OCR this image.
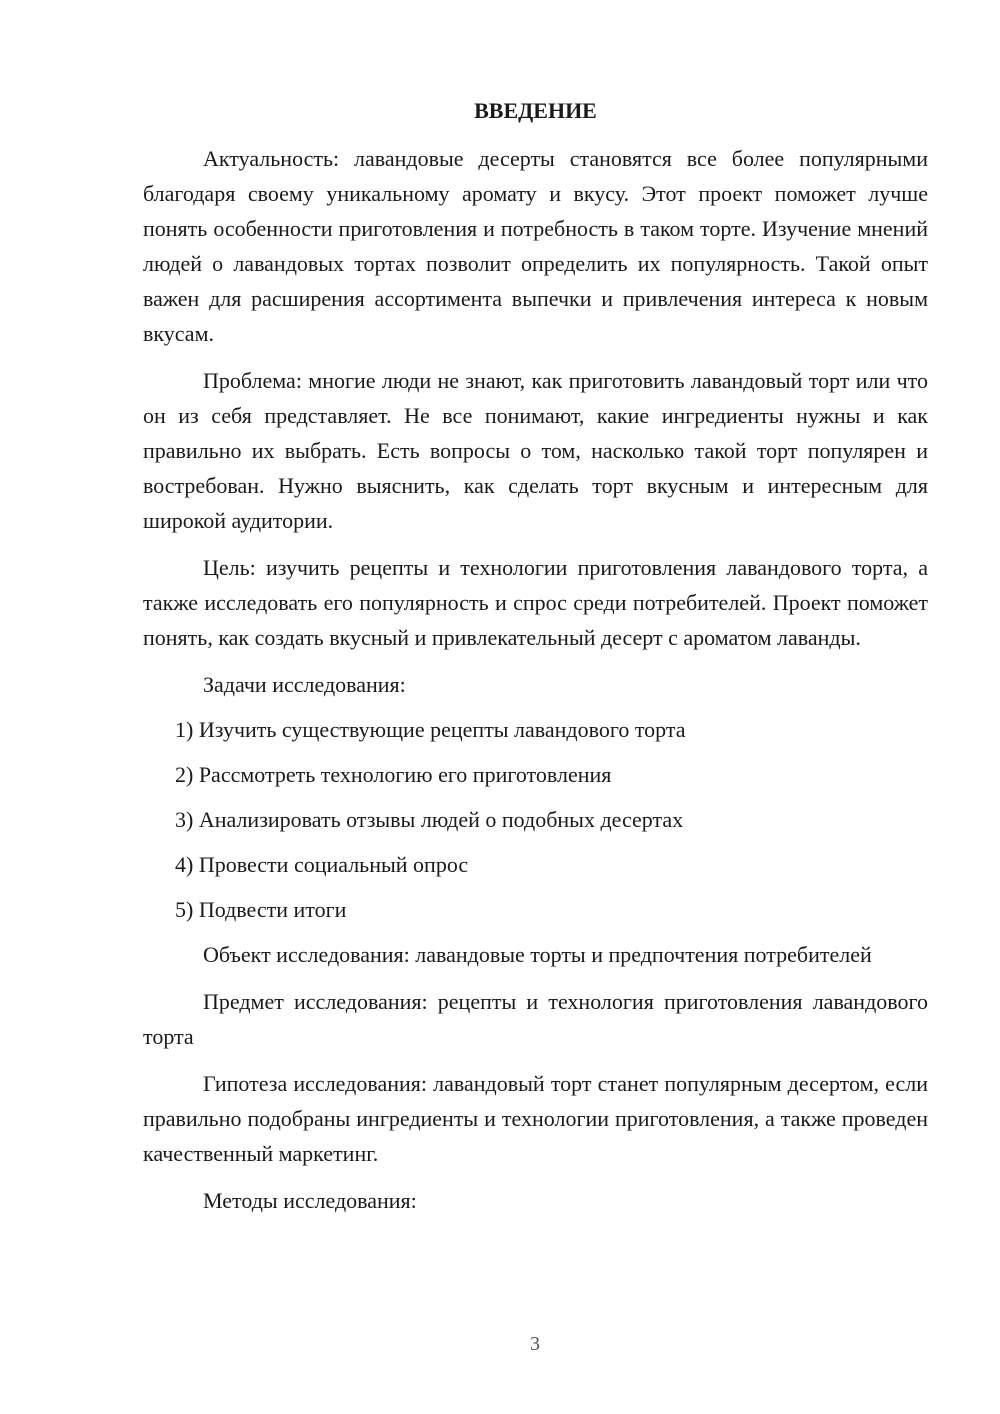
ВВЕДЕНИЕ

Актуальность: лавандовые десерты становятся все более популярными благодаря своему уникальному аромату и вкусу. Этот проект поможет лучше понять особенности приготовления и потребность в таком торте. Изучение мнений людей о лавандовых тортах позволит определить их популярность. Такой опыт важен для расширения ассортимента выпечки и привлечения интереса к новым вкусам.

Проблема: многие люди не знают, как приготовить лавандовый торт или что он из себя представляет. Не все понимают, какие ингредиенты нужны и как правильно их выбрать. Есть вопросы о том, насколько такой торт популярен и востребован. Нужно выяснить, как сделать торт вкусным и интересным для широкой аудитории.

Цель: изучить рецепты и технологии приготовления лавандового торта, а также исследовать его популярность и спрос среди потребителей. Проект поможет понять, как создать вкусный и привлекательный десерт с ароматом лаванды.

Задачи исследования:

1) Изучить существующие рецепты лавандового торта
2) Рассмотреть технологию его приготовления
3) Анализировать отзывы людей о подобных десертах
4) Провести социальный опрос
5) Подвести итоги

Объект исследования: лавандовые торты и предпочтения потребителей

Предмет исследования: рецепты и технология приготовления лавандового торта

Гипотеза исследования: лавандовый торт станет популярным десертом, если правильно подобраны ингредиенты и технологии приготовления, а также проведен качественный маркетинг.

Методы исследования:

3
